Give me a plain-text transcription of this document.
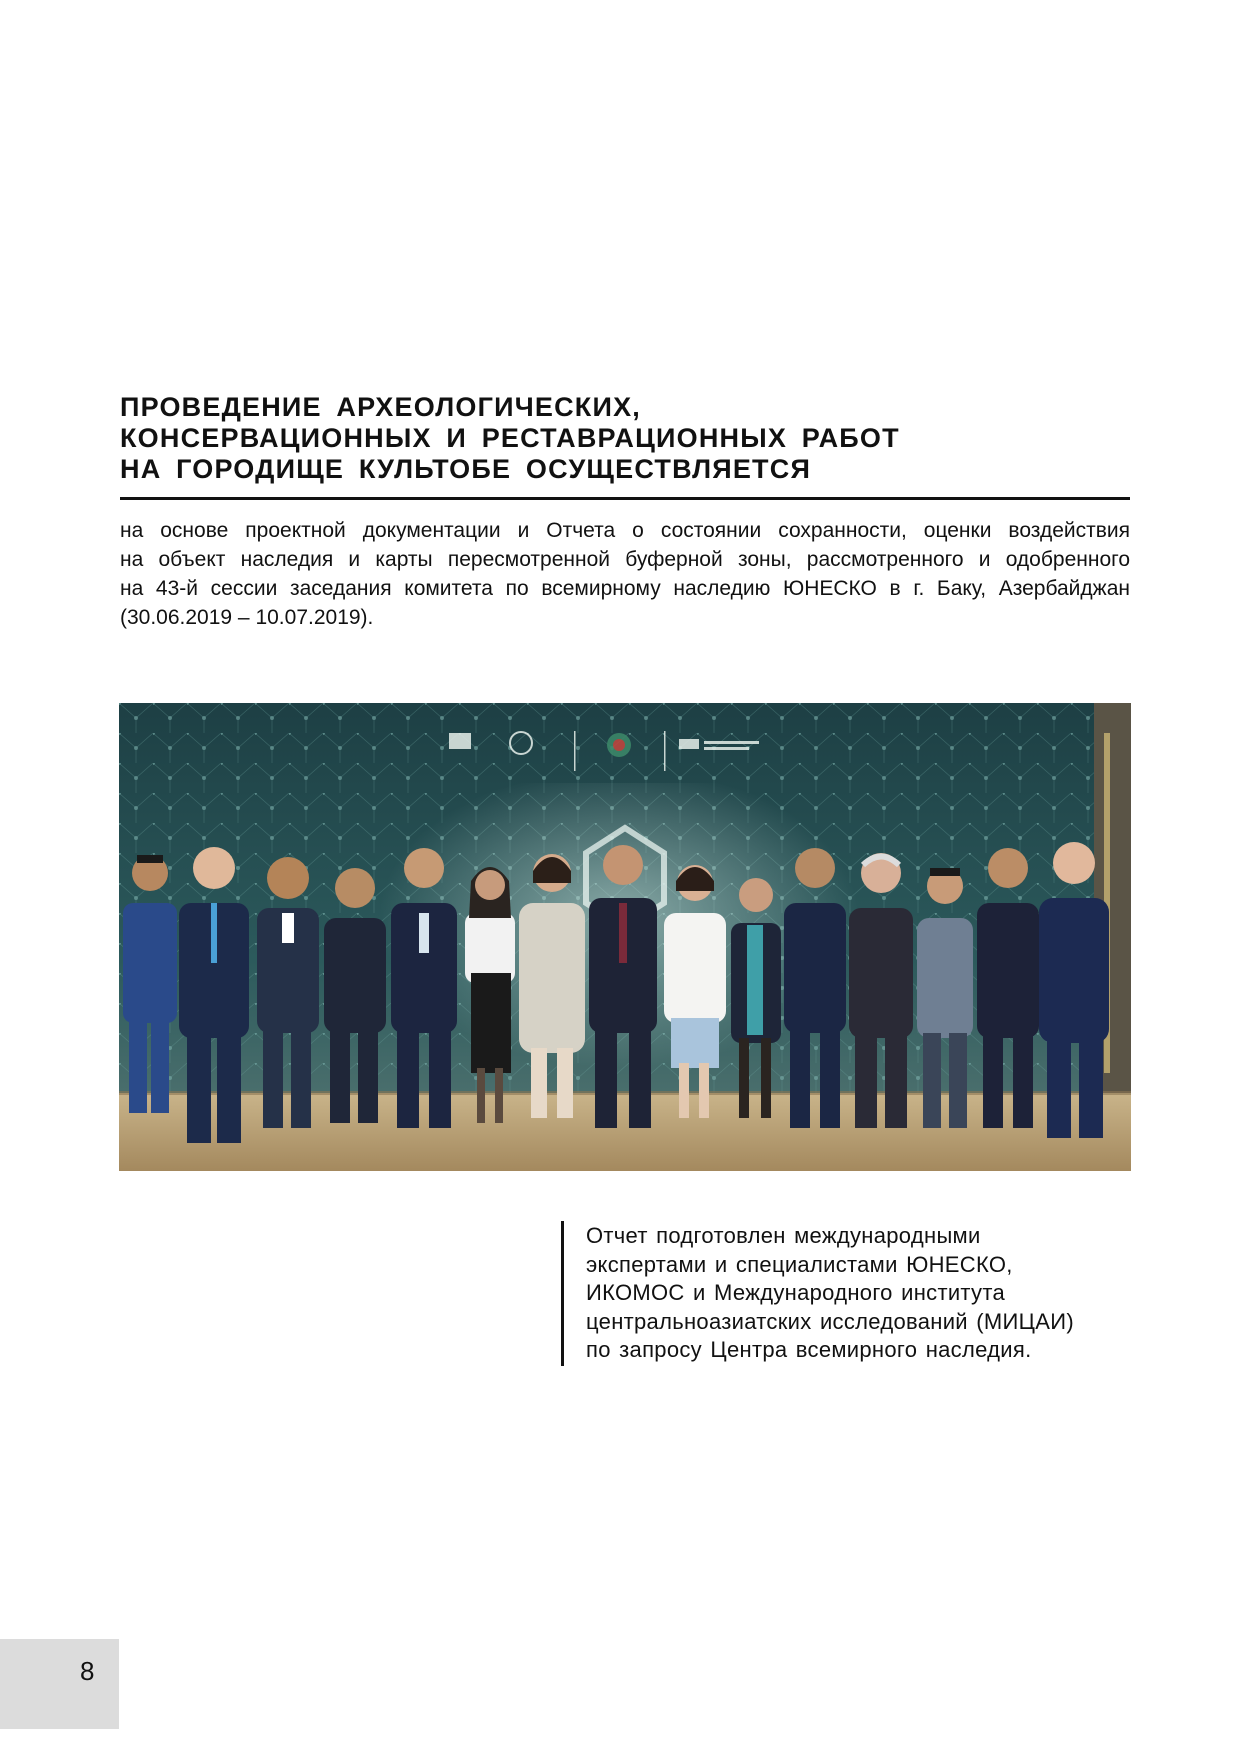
ПРОВЕДЕНИЕ АРХЕОЛОГИЧЕСКИХ,
КОНСЕРВАЦИОННЫХ И РЕСТАВРАЦИОННЫХ РАБОТ
НА ГОРОДИЩЕ КУЛЬТОБЕ ОСУЩЕСТВЛЯЕТСЯ
на основе проектной документации и Отчета о состоянии сохранности, оценки воздействия
на объект наследия и карты пересмотренной буферной зоны, рассмотренного и одобренного
на 43-й сессии заседания комитета по всемирному наследию ЮНЕСКО в г. Баку, Азербайджан
(30.06.2019 – 10.07.2019).
Отчет подготовлен международными
экспертами и специалистами ЮНЕСКО,
ИКОМОС и Международного института
центральноазиатских исследований (МИЦАИ)
по запросу Центра всемирного наследия.
8
